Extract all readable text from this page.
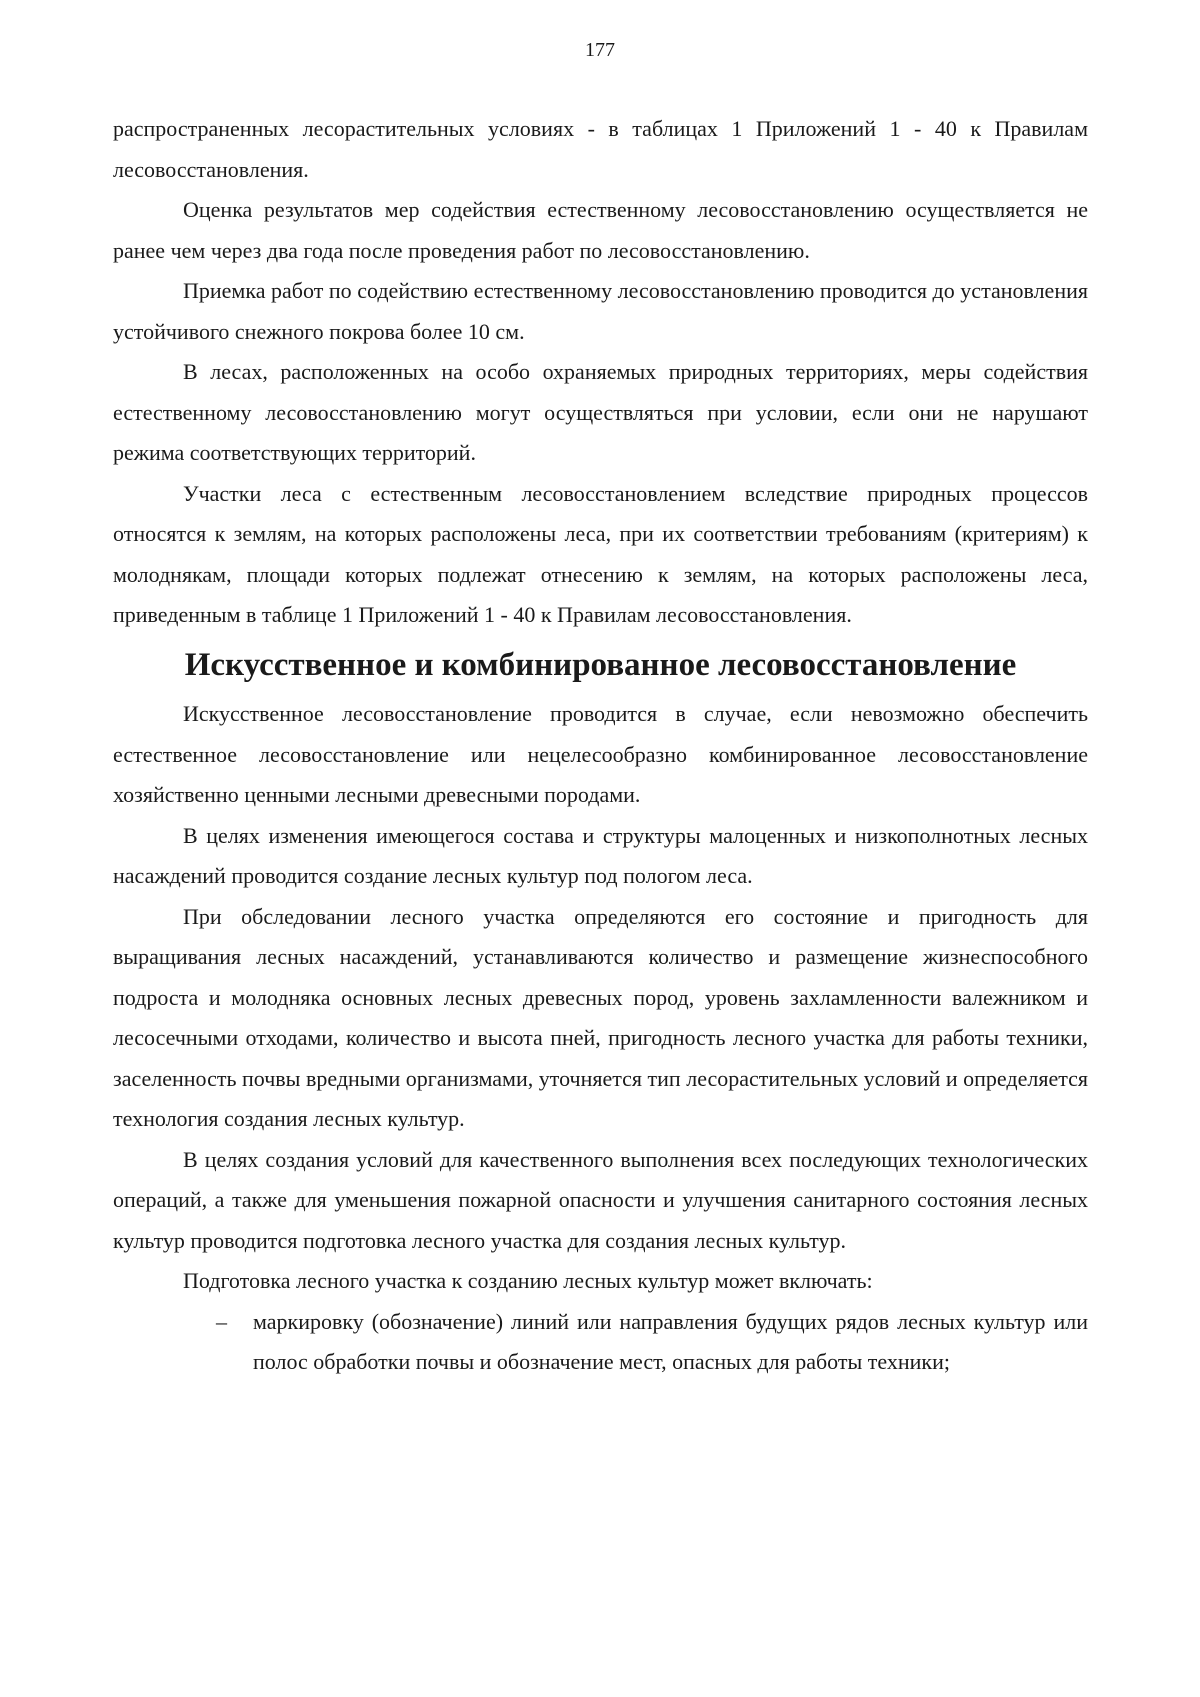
177

распространенных лесорастительных условиях - в таблицах 1 Приложений 1 - 40 к Правилам лесовосстановления.

Оценка результатов мер содействия естественному лесовосстановлению осуществляется не ранее чем через два года после проведения работ по лесовосстановлению.

Приемка работ по содействию естественному лесовосстановлению проводится до установления устойчивого снежного покрова более 10 см.

В лесах, расположенных на особо охраняемых природных территориях, меры содействия естественному лесовосстановлению могут осуществляться при условии, если они не нарушают режима соответствующих территорий.

Участки леса с естественным лесовосстановлением вследствие природных процессов относятся к землям, на которых расположены леса, при их соответствии требованиям (критериям) к молоднякам, площади которых подлежат отнесению к землям, на которых расположены леса, приведенным в таблице 1 Приложений 1 - 40 к Правилам лесовосстановления.

Искусственное и комбинированное лесовосстановление

Искусственное лесовосстановление проводится в случае, если невозможно обеспечить естественное лесовосстановление или нецелесообразно комбинированное лесовосстановление хозяйственно ценными лесными древесными породами.

В целях изменения имеющегося состава и структуры малоценных и низкополнотных лесных насаждений проводится создание лесных культур под пологом леса.

При обследовании лесного участка определяются его состояние и пригодность для выращивания лесных насаждений, устанавливаются количество и размещение жизнеспособного подроста и молодняка основных лесных древесных пород, уровень захламленности валежником и лесосечными отходами, количество и высота пней, пригодность лесного участка для работы техники, заселенность почвы вредными организмами, уточняется тип лесорастительных условий и определяется технология создания лесных культур.

В целях создания условий для качественного выполнения всех последующих технологических операций, а также для уменьшения пожарной опасности и улучшения санитарного состояния лесных культур проводится подготовка лесного участка для создания лесных культур.

Подготовка лесного участка к созданию лесных культур может включать:

– маркировку (обозначение) линий или направления будущих рядов лесных культур или полос обработки почвы и обозначение мест, опасных для работы техники;
